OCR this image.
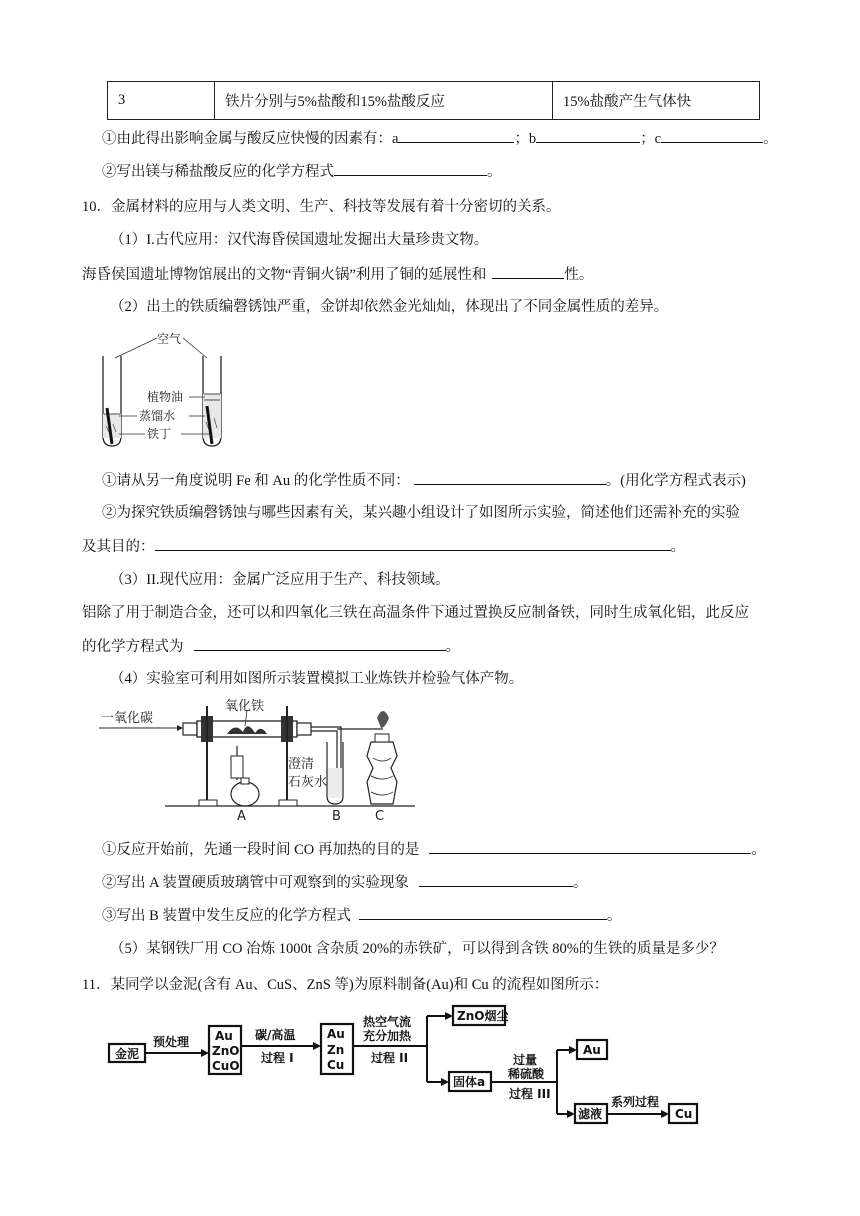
3	铁片分别与5%盐酸和15%盐酸反应	15%盐酸产生气体快
①由此得出影响金属与酸反应快慢的因素有：a	；b	；c	。
②写出镁与稀盐酸反应的化学方程式	。
10．金属材料的应用与人类文明、生产、科技等发展有着十分密切的关系。
（1）I.古代应用：汉代海昏侯国遗址发掘出大量珍贵文物。
海昏侯国遗址博物馆展出的文物“青铜火锅”利用了铜的延展性和	性。
（2）出土的铁质编磬锈蚀严重，金饼却依然金光灿灿，体现出了不同金属性质的差异。
空气
植物油
蒸馏水
铁丁
①请从另一角度说明 Fe 和 Au 的化学性质不同：	。(用化学方程式表示)
②为探究铁质编磬锈蚀与哪些因素有关，某兴趣小组设计了如图所示实验，简述他们还需补充的实验
及其目的：	。
（3）II.现代应用：金属广泛应用于生产、科技领域。
铝除了用于制造合金，还可以和四氧化三铁在高温条件下通过置换反应制备铁，同时生成氧化铝，此反应
的化学方程式为	。
（4）实验室可利用如图所示装置模拟工业炼铁并检验气体产物。
一氧化碳
氧化铁
澄清
石灰水
A	B	C
①反应开始前，先通一段时间 CO 再加热的目的是	。
②写出 A 装置硬质玻璃管中可观察到的实验现象	。
③写出 B 装置中发生反应的化学方程式	。
（5）某钢铁厂用 CO 冶炼 1000t 含杂质 20%的赤铁矿，可以得到含铁 80%的生铁的质量是多少？
11．某同学以金泥(含有 Au、CuS、ZnS 等)为原料制备(Au)和 Cu 的流程如图所示：
金泥
预处理 Au
ZnO
CuO
碳/高温
过程 I
Au
Zn
Cu
热空气流
充分加热
过程 II
ZnO烟尘
固体a
过量
稀硫酸
过程 III
Au
滤液
系列过程
Cu
